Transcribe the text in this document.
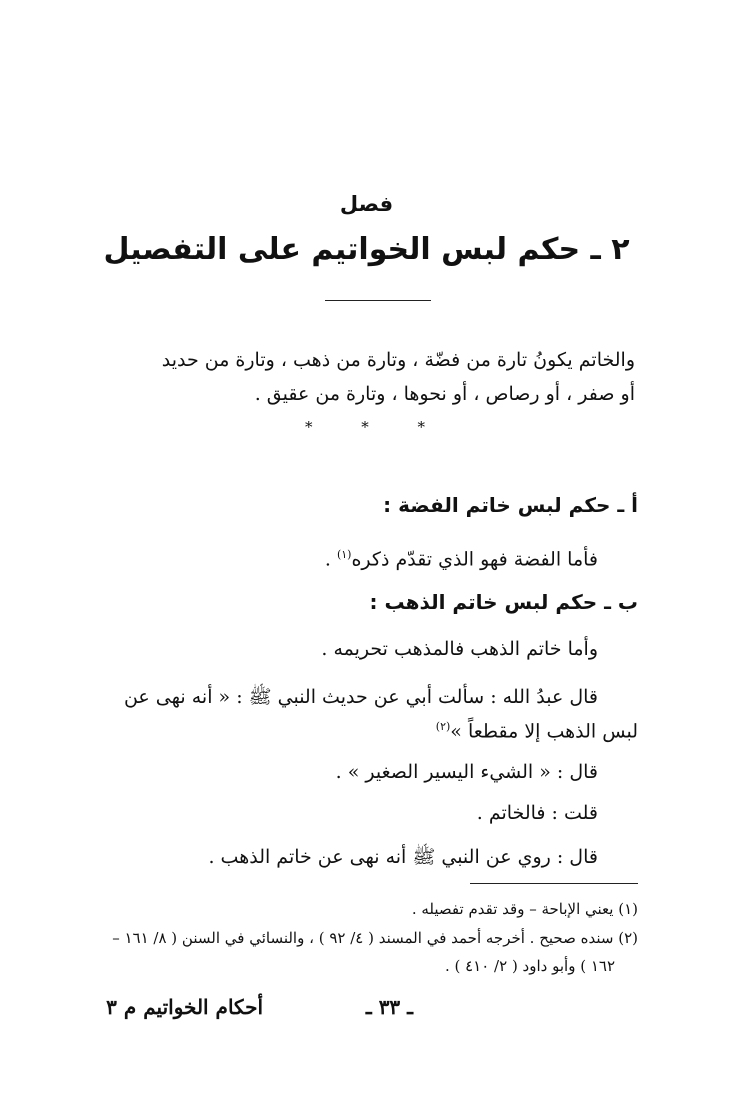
فصل
٢ ـ حكم لبس الخواتيم على التفصيل
والخاتم يكونُ تارة من فضّة ، وتارة من ذهب ، وتارة من حديد
أو صفر ، أو رصاص ، أو نحوها ، وتارة من عقيق .
*
*
*
أ ـ حكم لبس خاتم الفضة :
فأما الفضة فهو الذي تقدّم ذكره$^{(١)}$ .
ب ـ حكم لبس خاتم الذهب :
وأما خاتم الذهب فالمذهب تحريمه .
قال عبدُ الله : سألت أبي عن حديث النبي ﷺ : « أنه نهى عن
لبس الذهب إلا مقطعاً »$^{(٢)}$
قال : « الشيء اليسير الصغير » .
قلت : فالخاتم .
قال : روي عن النبي ﷺ أنه نهى عن خاتم الذهب .
(١) يعني الإباحة – وقد تقدم تفصيله .
(٢) سنده صحيح . أخرجه أحمد في المسند ( ٤/ ٩٢ ) ، والنسائي في السنن ( ٨/ ١٦١ –
١٦٢ ) وأبو داود ( ٢/ ٤١٠ ) .
أحكام الخواتيم م ٣	ـ ٣٣ ـ
